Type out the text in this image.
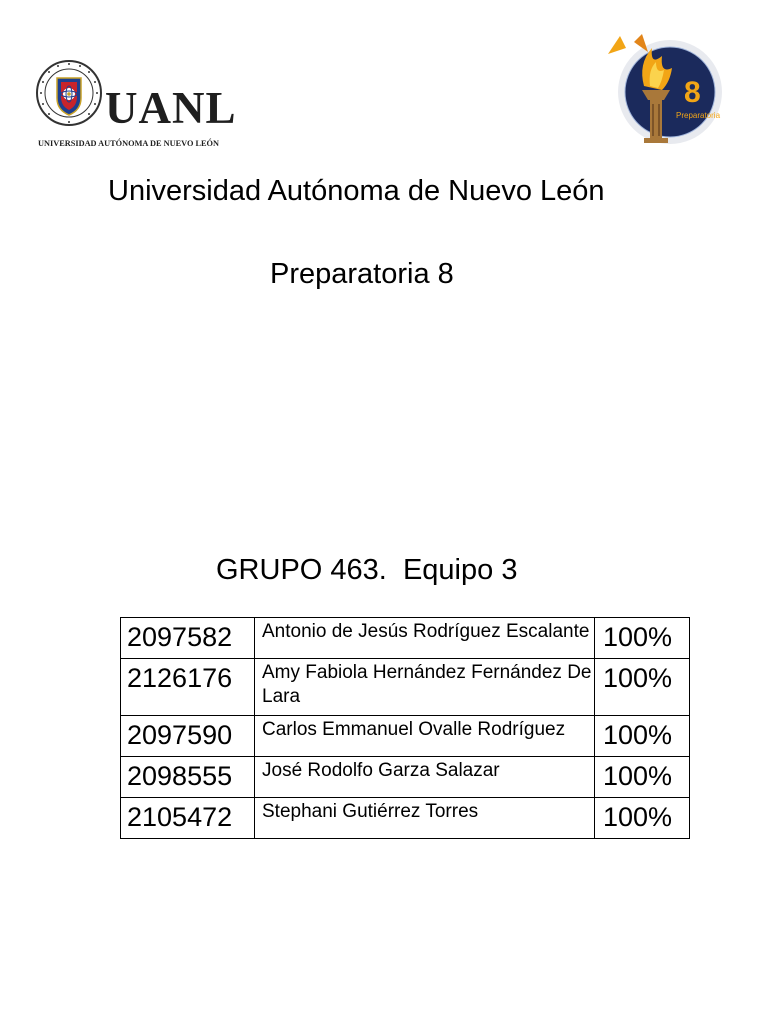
UANL
UNIVERSIDAD AUTÓNOMA DE NUEVO LEÓN
8
Preparatoria
Universidad Autónoma de Nuevo León
Preparatoria 8
GRUPO 463.  Equipo 3
2097582	Antonio de Jesús Rodríguez Escalante	100%
2126176	Amy Fabiola Hernández Fernández De Lara	100%
2097590	Carlos Emmanuel Ovalle Rodríguez	100%
2098555	José Rodolfo Garza Salazar	100%
2105472	Stephani Gutiérrez Torres	100%
